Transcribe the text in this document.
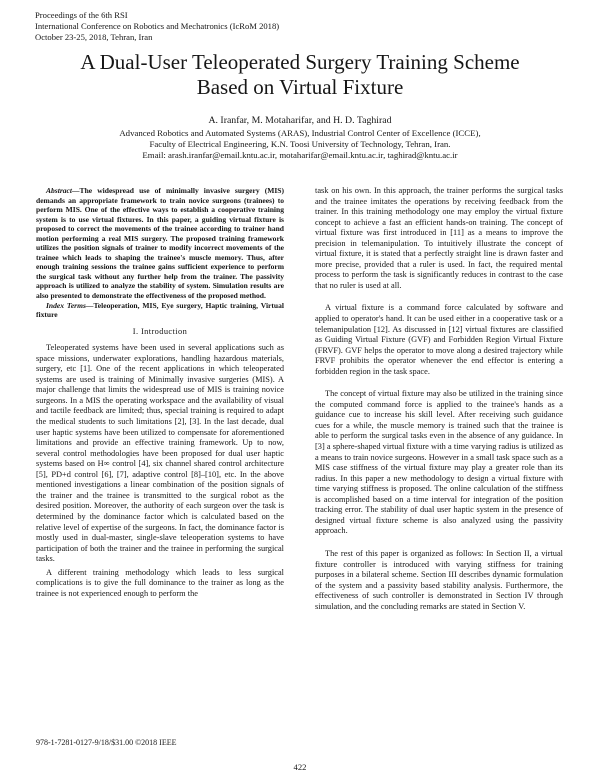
Proceedings of the 6th RSI
International Conference on Robotics and Mechatronics (IcRoM 2018)
October 23-25, 2018, Tehran, Iran
A Dual-User Teleoperated Surgery Training Scheme
Based on Virtual Fixture
A. Iranfar, M. Motaharifar, and H. D. Taghirad
Advanced Robotics and Automated Systems (ARAS), Industrial Control Center of Excellence (ICCE),
Faculty of Electrical Engineering, K.N. Toosi University of Technology, Tehran, Iran.
Email: arash.iranfar@email.kntu.ac.ir, motaharifar@email.kntu.ac.ir, taghirad@kntu.ac.ir

Abstract—The widespread use of minimally invasive surgery (MIS) demands an appropriate framework to train novice surgeons (trainees) to perform MIS. One of the effective ways to establish a cooperative training system is to use virtual fixtures. In this paper, a guiding virtual fixture is proposed to correct the movements of the trainee according to trainer hand motion performing a real MIS surgery. The proposed training framework utilizes the position signals of trainer to modify incorrect movements of the trainee which leads to shaping the trainee's muscle memory. Thus, after enough training sessions the trainee gains sufficient experience to perform the surgical task without any further help from the trainer. The passivity approach is utilized to analyze the stability of system. Simulation results are also presented to demonstrate the effectiveness of the proposed method.

Index Terms—Teleoperation, MIS, Eye surgery, Haptic training, Virtual fixture

I. Introduction

Teleoperated systems have been used in several applications such as space missions, underwater explorations, handling hazardous materials, surgery, etc [1]. One of the recent applications in which teleoperated systems are used is training of Minimally invasive surgeries (MIS). A major challenge that limits the widespread use of MIS is training novice surgeons. In a MIS the operating workspace and the availability of visual and tactile feedback are limited; thus, special training is required to adapt the medical students to such limitations [2], [3]. In the last decade, dual user haptic systems have been utilized to compensate for aforementioned limitations and provide an effective training framework. Up to now, several control methodologies have been proposed for dual user haptic systems based on H∞ control [4], six channel shared control architecture [5], PD+d control [6], [7], adaptive control [8]–[10], etc. In the above mentioned investigations a linear combination of the position signals of the trainer and the trainee is transmitted to the surgical robot as the desired position. Moreover, the authority of each surgeon over the task is determined by the dominance factor which is calculated based on the relative level of expertise of the surgeons. In fact, the dominance factor is mostly used in dual-master, single-slave teleoperation systems to have participation of both the trainer and the trainee in performing the surgical tasks.

A different training methodology which leads to less surgical complications is to give the full dominance to the trainer as long as the trainee is not experienced enough to perform the

task on his own. In this approach, the trainer performs the surgical tasks and the trainee imitates the operations by receiving feedback from the trainer. In this training methodology one may employ the virtual fixture concept to achieve a fast an efficient hands-on training. The concept of virtual fixture was first introduced in [11] as a means to improve the precision in telemanipulation. To intuitively illustrate the concept of virtual fixture, it is stated that a perfectly straight line is drawn faster and more precise, provided that a ruler is used. In fact, the required mental process to perform the task is significantly reduces in contrast to the case that no ruler is used at all.

A virtual fixture is a command force calculated by software and applied to operator's hand. It can be used either in a cooperative task or a telemanipulation [12]. As discussed in [12] virtual fixtures are classified as Guiding Virtual Fixture (GVF) and Forbidden Region Virtual Fixture (FRVF). GVF helps the operator to move along a desired trajectory while FRVF prohibits the operator whenever the end effector is entering a forbidden region in the task space.

The concept of virtual fixture may also be utilized in the training since the computed command force is applied to the trainee's hands as a guidance cue to increase his skill level. After receiving such guidance cues for a while, the muscle memory is trained such that the trainee is able to perform the surgical tasks even in the absence of any guidance. In [3] a sphere-shaped virtual fixture with a time varying radius is utilized as a means to train novice surgeons. However in a small task space such as a MIS case stiffness of the virtual fixture may play a greater role than its radius. In this paper a new methodology to design a virtual fixture with time varying stiffness is proposed. The online calculation of the stiffness is accomplished based on a time interval for integration of the position tracking error. The stability of dual user haptic system in the presence of designed virtual fixture scheme is also analyzed using the passivity approach.

The rest of this paper is organized as follows: In Section II, a virtual fixture controller is introduced with varying stiffness for training purposes in a bilateral scheme. Section III describes dynamic formulation of the system and a passivity based stability analysis. Furthermore, the effectiveness of such controller is demonstrated in Section IV through simulation, and the concluding remarks are stated in Section V.

978-1-7281-0127-9/18/$31.00 ©2018 IEEE
422
